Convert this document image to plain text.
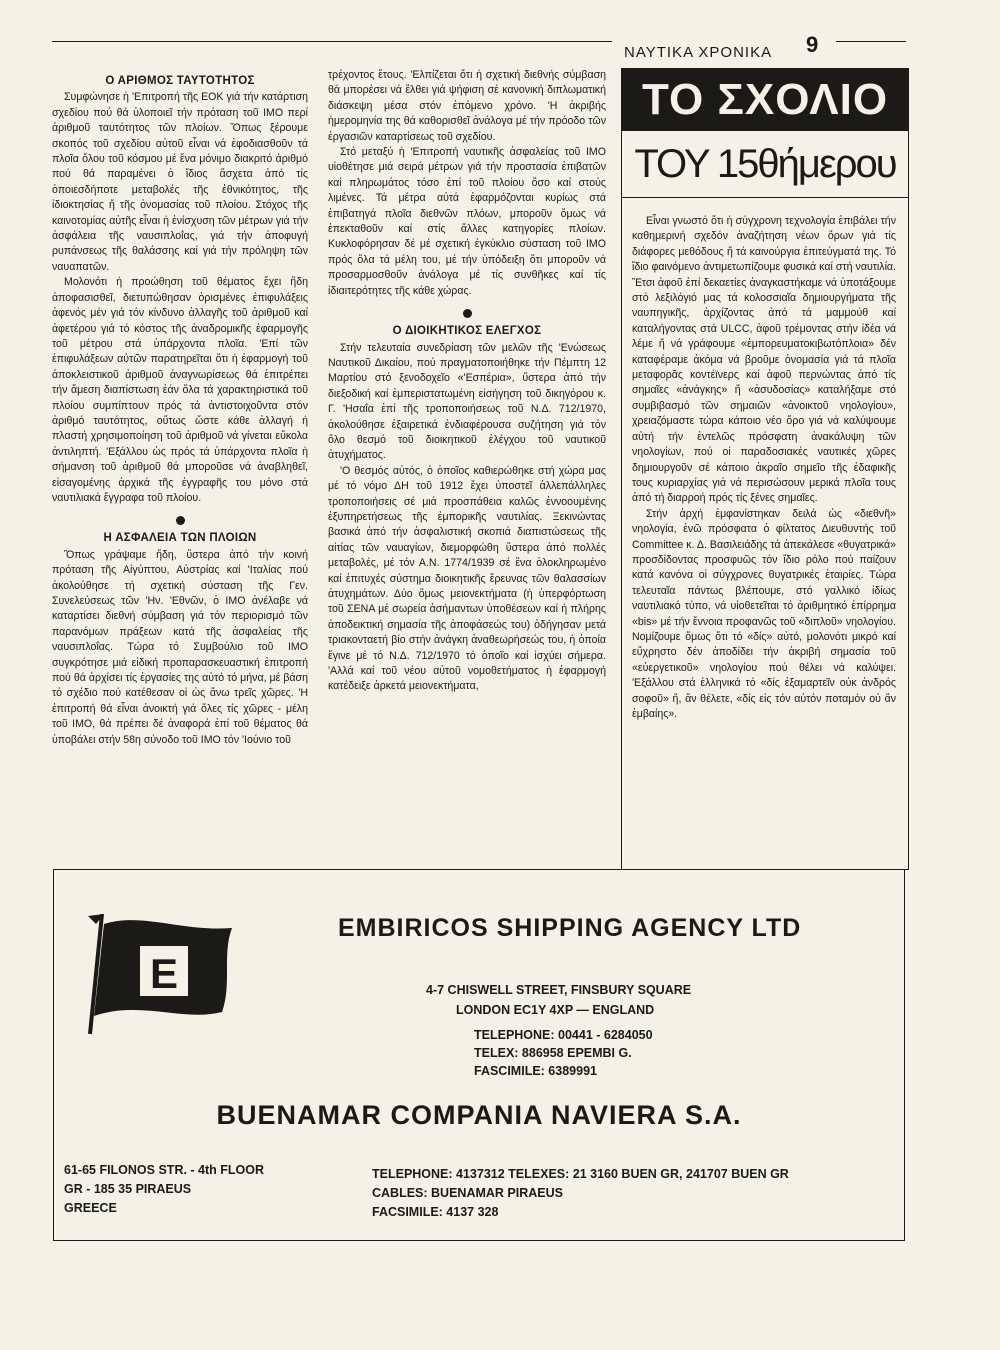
ΝΑΥΤΙΚΑ ΧΡΟΝΙΚΑ 9
Ο ΑΡΙΘΜΟΣ ΤΑΥΤΟΤΗΤΟΣ

Συμφώνησε ἡ 'Επιτροπή τῆς ΕΟΚ γιά τήν κατάρτιση σχεδίου πού θά ὑλοποιεῖ τήν πρόταση τοῦ ΙΜΟ περί ἀριθμοῦ ταυτότητος τῶν πλοίων. Ὅπως ξέρουμε σκοπός τοῦ σχεδίου αὐτοῦ εἶναι νά ἐφοδιασθοῦν τά πλοῖα ὅλου τοῦ κόσμου μέ ἕνα μόνιμο διακριτό ἀριθμό πού θά παραμένει ὁ ἴδιος ἄσχετα ἀπό τίς ὁποιεσδήποτε μεταβολές τῆς ἐθνικότητος, τῆς ἰδιοκτησίας ἤ τῆς ὀνομασίας τοῦ πλοίου. Στόχος τῆς καινοτομίας αὐτῆς εἶναι ἡ ἐνίσχυση τῶν μέτρων γιά τήν ἀσφάλεια τῆς ναυσιπλοΐας, γιά τήν ἀποφυγή ρυπάνσεως τῆς θαλάσσης καί γιά τήν πρόληψη τῶν ναυαπατῶν.

Μολονότι ἡ προώθηση τοῦ θέματος ἔχει ἤδη ἀποφασισθεῖ, διετυπώθησαν ὁρισμένες ἐπιφυλάξεις ἀφενός μέν γιά τόν κίνδυνο ἀλλαγῆς τοῦ ἀριθμοῦ καί ἀφετέρου γιά τό κόστος τῆς ἀναδρομικῆς ἐφαρμογῆς τοῦ μέτρου στά ὑπάρχοντα πλοῖα. 'Επί τῶν ἐπιφυλάξεων αὐτῶν παρατηρεῖται ὅτι ἡ ἐφαρμογή τοῦ ἀποκλειστικοῦ ἀριθμοῦ ἀναγνωρίσεως θά ἐπιτρέπει τήν ἄμεση διαπίστωση ἐάν ὅλα τά χαρακτηριστικά τοῦ πλοίου συμπίπτουν πρός τά ἀντιστοιχοῦντα στόν ἀριθμό ταυτότητος, οὕτως ὥστε κάθε ἀλλαγή ἡ πλαστή χρησιμοποίηση τοῦ ἀριθμοῦ νά γίνεται εὔκολα ἀντιληπτή. 'Εξάλλου ὡς πρός τά ὑπάρχοντα πλοῖα ἡ σήμανση τοῦ ἀριθμοῦ θά μποροῦσε νά ἀναβληθεῖ, εἰσαγομένης ἀρχικά τῆς ἐγγραφῆς του μόνο στά ναυτιλιακά ἔγγραφα τοῦ πλοίου.

Η ΑΣΦΑΛΕΙΑ ΤΩΝ ΠΛΟΙΩΝ

Ὅπως γράψαμε ἤδη, ὕστερα ἀπό τήν κοινή πρόταση τῆς Αἰγύπτου, Αὐστρίας καί 'Ιταλίας πού ἀκολούθησε τή σχετική σύσταση τῆς Γεν. Συνελεύσεως τῶν 'Ην. 'Εθνῶν, ὁ ΙΜΟ ἀνέλαβε νά καταρτίσει διεθνή σύμβαση γιά τόν περιορισμό τῶν παρανόμων πράξεων κατά τῆς ἀσφαλείας τῆς ναυσιπλοΐας. Τώρα τό Συμβούλιο τοῦ ΙΜΟ συγκρότησε μιά εἰδική προπαρασκευαστική ἐπιτροπή πού θά ἀρχίσει τίς ἐργασίες της αὐτό τό μήνα, μέ βάση τό σχέδιο πού κατέθεσαν οἱ ὡς ἄνω τρεῖς χῶρες. 'Η ἐπιτροπή θά εἶναι ἀνοικτή γιά ὅλες τίς χῶρες - μέλη τοῦ ΙΜΟ, θά πρέπει δέ ἀναφορά ἐπί τοῦ θέματος θά ὑποβάλει στήν 58η σύνοδο τοῦ ΙΜΟ τόν 'Ιούνιο τοῦ

τρέχοντος ἔτους. 'Ελπίζεται ὅτι ἡ σχετική διεθνής σύμβαση θά μπορέσει νά ἔλθει γιά ψήφιση σέ κανονική διπλωματική διάσκεψη μέσα στόν ἑπόμενο χρόνο. 'Η ἀκριβής ἡμερομηνία της θά καθορισθεῖ ἀνάλογα μέ τήν πρόοδο τῶν ἐργασιῶν καταρτίσεως τοῦ σχεδίου.

Στό μεταξύ ἡ 'Επιτροπή ναυτικῆς ἀσφαλείας τοῦ ΙΜΟ υἱοθέτησε μιά σειρά μέτρων γιά τήν προστασία ἐπιβατῶν καί πληρωμάτος τόσο ἐπί τοῦ πλοίου ὅσο καί στούς λιμένες. Τά μέτρα αὐτά ἐφαρμόζονται κυρίως στά ἐπιβατηγά πλοῖα διεθνῶν πλόων, μποροῦν ὅμως νά ἐπεκταθοῦν καί στίς ἄλλες κατηγορίες πλοίων. Κυκλοφόρησαν δέ μέ σχετική ἐγκύκλιο σύσταση τοῦ ΙΜΟ πρός ὅλα τά μέλη του, μέ τήν ὑπόδειξη ὅτι μποροῦν νά προσαρμοσθοῦν ἀνάλογα μέ τίς συνθῆκες καί τίς ἰδιαιτερότητες τῆς κάθε χώρας.

Ο ΔΙΟΙΚΗΤΙΚΟΣ ΕΛΕΓΧΟΣ

Στήν τελευταία συνεδρίαση τῶν μελῶν τῆς 'Ενώσεως Ναυτικοῦ Δικαίου, πού πραγματοποιήθηκε τήν Πέμπτη 12 Μαρτίου στό ξενοδοχεῖο «'Εσπέρια», ὕστερα ἀπό τήν διεξοδική καί ἐμπεριστατωμένη εἰσήγηση τοῦ δικηγόρου κ. Γ. 'Ησαΐα ἐπί τῆς τροποποιήσεως τοῦ Ν.Δ. 712/1970, ἀκολούθησε ἐξαιρετικά ἐνδιαφέρουσα συζήτηση γιά τόν ὅλο θεσμό τοῦ διοικητικοῦ ἐλέγχου τοῦ ναυτικοῦ ἀτυχήματος.

'Ο θεσμός αὐτός, ὁ ὁποῖος καθιερώθηκε στή χώρα μας μέ τό νόμο ΔΗ τοῦ 1912 ἔχει ὑποστεῖ ἀλλεπάλληλες τροποποιήσεις σέ μιά προσπάθεια καλῶς ἐννοουμένης ἐξυπηρετήσεως τῆς ἐμπορικῆς ναυτιλίας. Ξεκινώντας βασικά ἀπό τήν ἀσφαλιστική σκοπιά διαπιστώσεως τῆς αἰτίας τῶν ναυαγίων, διεμορφώθη ὕστερα ἀπό πολλές μεταβολές, μέ τόν Α.Ν. 1774/1939 σέ ἕνα ὁλοκληρωμένο καί ἐπιτυχές σύστημα διοικητικῆς ἔρευνας τῶν θαλασσίων ἀτυχημάτων. Δύο ὅμως μειονεκτήματα (ἡ ὑπερφόρτωση τοῦ ΣΕΝΑ μέ σωρεία ἀσήμαντων ὑποθέσεων καί ἡ πλήρης ἀποδεικτική σημασία τῆς ἀποφάσεώς του) ὁδήγησαν μετά τριακονταετή βίο στήν ἀνάγκη ἀναθεωρήσεώς του, ἡ ὁποία ἔγινε μέ τό Ν.Δ. 712/1970 τό ὁποῖο καί ἰσχύει σήμερα. 'Αλλά καί τοῦ νέου αὐτοῦ νομοθετήματος ἡ ἐφαρμογή κατέδειξε ἀρκετά μειονεκτήματα,

ΤΟ ΣΧΟΛΙΟ
ΤΟΥ 15θήμερου

Εἶναι γνωστό ὅτι ἡ σύγχρονη τεχνολογία ἐπιβάλει τήν καθημερινή σχεδόν ἀναζήτηση νέων ὅρων γιά τίς διάφορες μεθόδους ἤ τά καινούργια ἐπιτεύγματά της. Τό ἴδιο φαινόμενο ἀντιμετωπίζουμε φυσικά καί στή ναυτιλία. Ἔτσι ἀφοῦ ἐπί δεκαετίες ἀναγκαστήκαμε νά ὑποτάξουμε στό λεξιλόγιό μας τά κολοσσιαῖα δημιουργήματα τῆς ναυπηγικῆς, ἀρχίζοντας ἀπό τά μαμμούθ καί καταλήγοντας στά ULCC, ἀφοῦ τρέμοντας στήν ἰδέα νά λέμε ἤ νά γράφουμε «ἐμπορευματοκιβωτόπλοια» δέν καταφέραμε ἀκόμα νά βροῦμε ὀνομασία γιά τά πλοῖα μεταφορᾶς κοντέϊνερς καί ἀφοῦ περνώντας ἀπό τίς σημαῖες «ἀνάγκης» ἤ «ἀσυδοσίας» καταλήξαμε στό συμβιβασμό τῶν σημαιῶν «ἀνοικτοῦ νηολογίου», χρειαζόμαστε τώρα κάποιο νέο ὅρο γιά νά καλύψουμε αὐτή τήν ἐντελῶς πρόσφατη ἀνακάλυψη τῶν νηολογίων, πού οἱ παραδοσιακές ναυτικές χῶρες δημιουργοῦν σέ κάποιο ἀκραῖο σημεῖο τῆς ἐδαφικῆς τους κυριαρχίας γιά νά περισώσουν μερικά πλοῖα τους ἀπό τή διαρροή πρός τίς ξένες σημαῖες.

Στήν ἀρχή ἐμφανίστηκαν δειλά ὡς «διεθνῆ» νηολογία, ἐνῶ πρόσφατα ὁ φίλτατος Διευθυντής τοῦ Committee κ. Δ. Βασιλειάδης τά ἀπεκάλεσε «θυγατρικά» προσδίδοντας προσφυῶς τόν ἴδιο ρόλο πού παίζουν κατά κανόνα οἱ σύγχρονες θυγατρικές ἑταιρίες. Τώρα τελευταῖα πάντως βλέπουμε, στό γαλλικό ἰδίως ναυτιλιακό τύπο, νά υἱοθετεῖται τό ἀριθμητικό ἐπίρρημα «bis» μέ τήν ἔννοια προφανῶς τοῦ «διπλοῦ» νηολογίου. Νομίζουμε ὅμως ὅτι τό «δίς» αὐτό, μολονότι μικρό καί εὔχρηστο δέν ἀποδίδει τήν ἀκριβή σημασία τοῦ «εὐεργετικοῦ» νηολογίου πού θέλει νά καλύψει. 'Εξάλλου στά ἑλληνικά τό «δίς ἐξαμαρτεῖν οὐκ ἀνδρός σοφοῦ» ἤ, ἄν θέλετε, «δίς εἰς τόν αὐτόν ποταμόν οὐ ἄν ἐμβαίης».

E
EMBIRICOS SHIPPING AGENCY LTD
4-7 CHISWELL STREET, FINSBURY SQUARE
LONDON EC1Y 4XP — ENGLAND
TELEPHONE: 00441 - 6284050
TELEX: 886958 EPEMBI G.
FASCIMILE: 6389991
BUENAMAR COMPANIA NAVIERA S.A.
61-65 FILONOS STR. - 4th FLOOR
GR - 185 35 PIRAEUS
GREECE
TELEPHONE: 4137312 TELEXES: 21 3160 BUEN GR, 241707 BUEN GR
CABLES: BUENAMAR PIRAEUS
FACSIMILE: 4137 328
